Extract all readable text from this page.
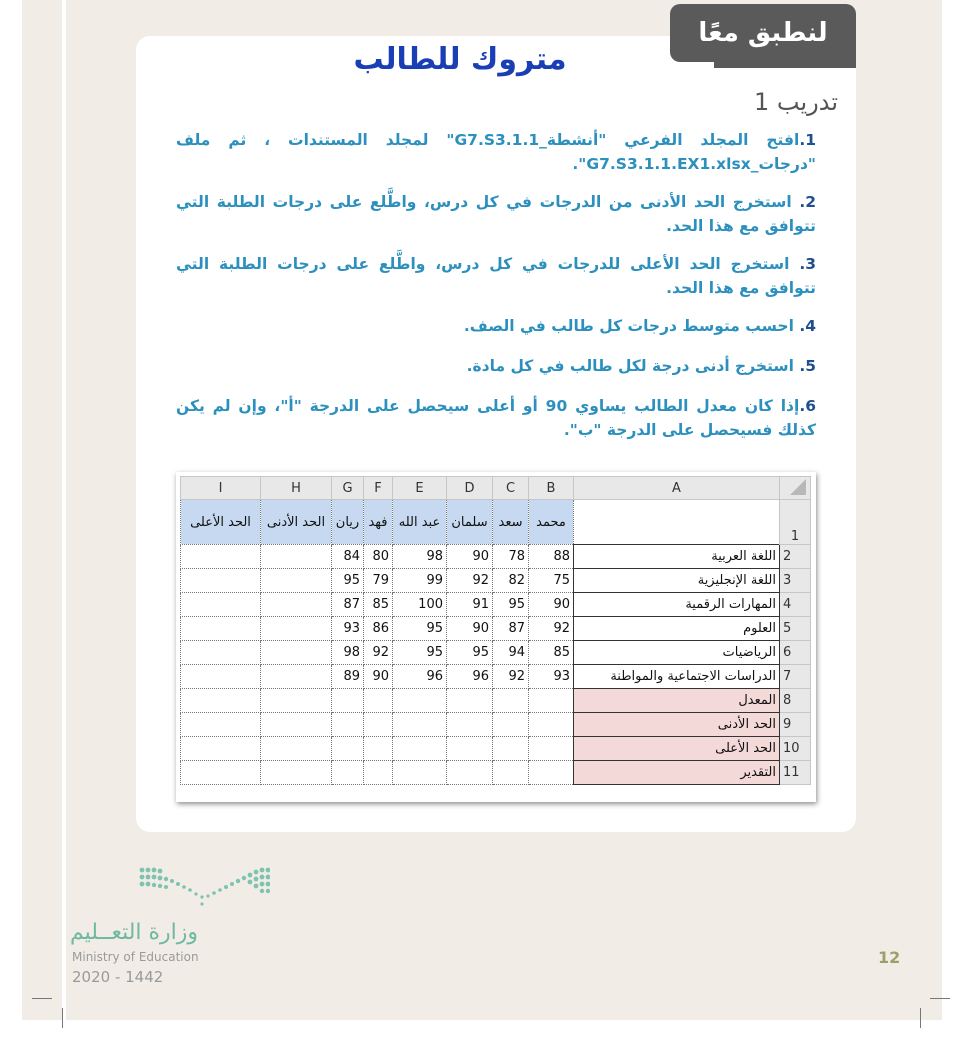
لنطبق معًا
متروك للطالب
تدريب 1
1.افتح المجلد الفرعي "أنشطة_G7.S3.1.1" لمجلد المستندات ، ثم ملف "درجات_G7.S3.1.1.EX1.xlsx".
2. استخرج الحد الأدنى من الدرجات في كل درس، واطَّلع على درجات الطلبة التي تتوافق مع هذا الحد.
3. استخرج الحد الأعلى للدرجات في كل درس، واطَّلع على درجات الطلبة التي تتوافق مع هذا الحد.
4. احسب متوسط درجات كل طالب في الصف.
5. استخرج أدنى درجة لكل طالب في كل مادة.
6.إذا كان معدل الطالب يساوي 90 أو أعلى سيحصل على الدرجة "أ"، وإن لم يكن كذلك فسيحصل على الدرجة "ب".
I	H	G	F	E	D	C	B	A	

الحد الأعلى	الحد الأدنى	ريان	فهد	عبد الله	سلمان	سعد	محمد		1
		84	80	98	90	78	88	اللغة العربية	2
		95	79	99	92	82	75	اللغة الإنجليزية	3
		87	85	100	91	95	90	المهارات الرقمية	4
		93	86	95	90	87	92	العلوم	5
		98	92	95	95	94	85	الرياضيات	6
		89	90	96	96	92	93	الدراسات الاجتماعية والمواطنة	7
								المعدل	8
								الحد الأدنى	9
								الحد الأعلى	10
								التقدير	11
وزارة التعــليم
Ministry of Education
2020 - 1442
12
